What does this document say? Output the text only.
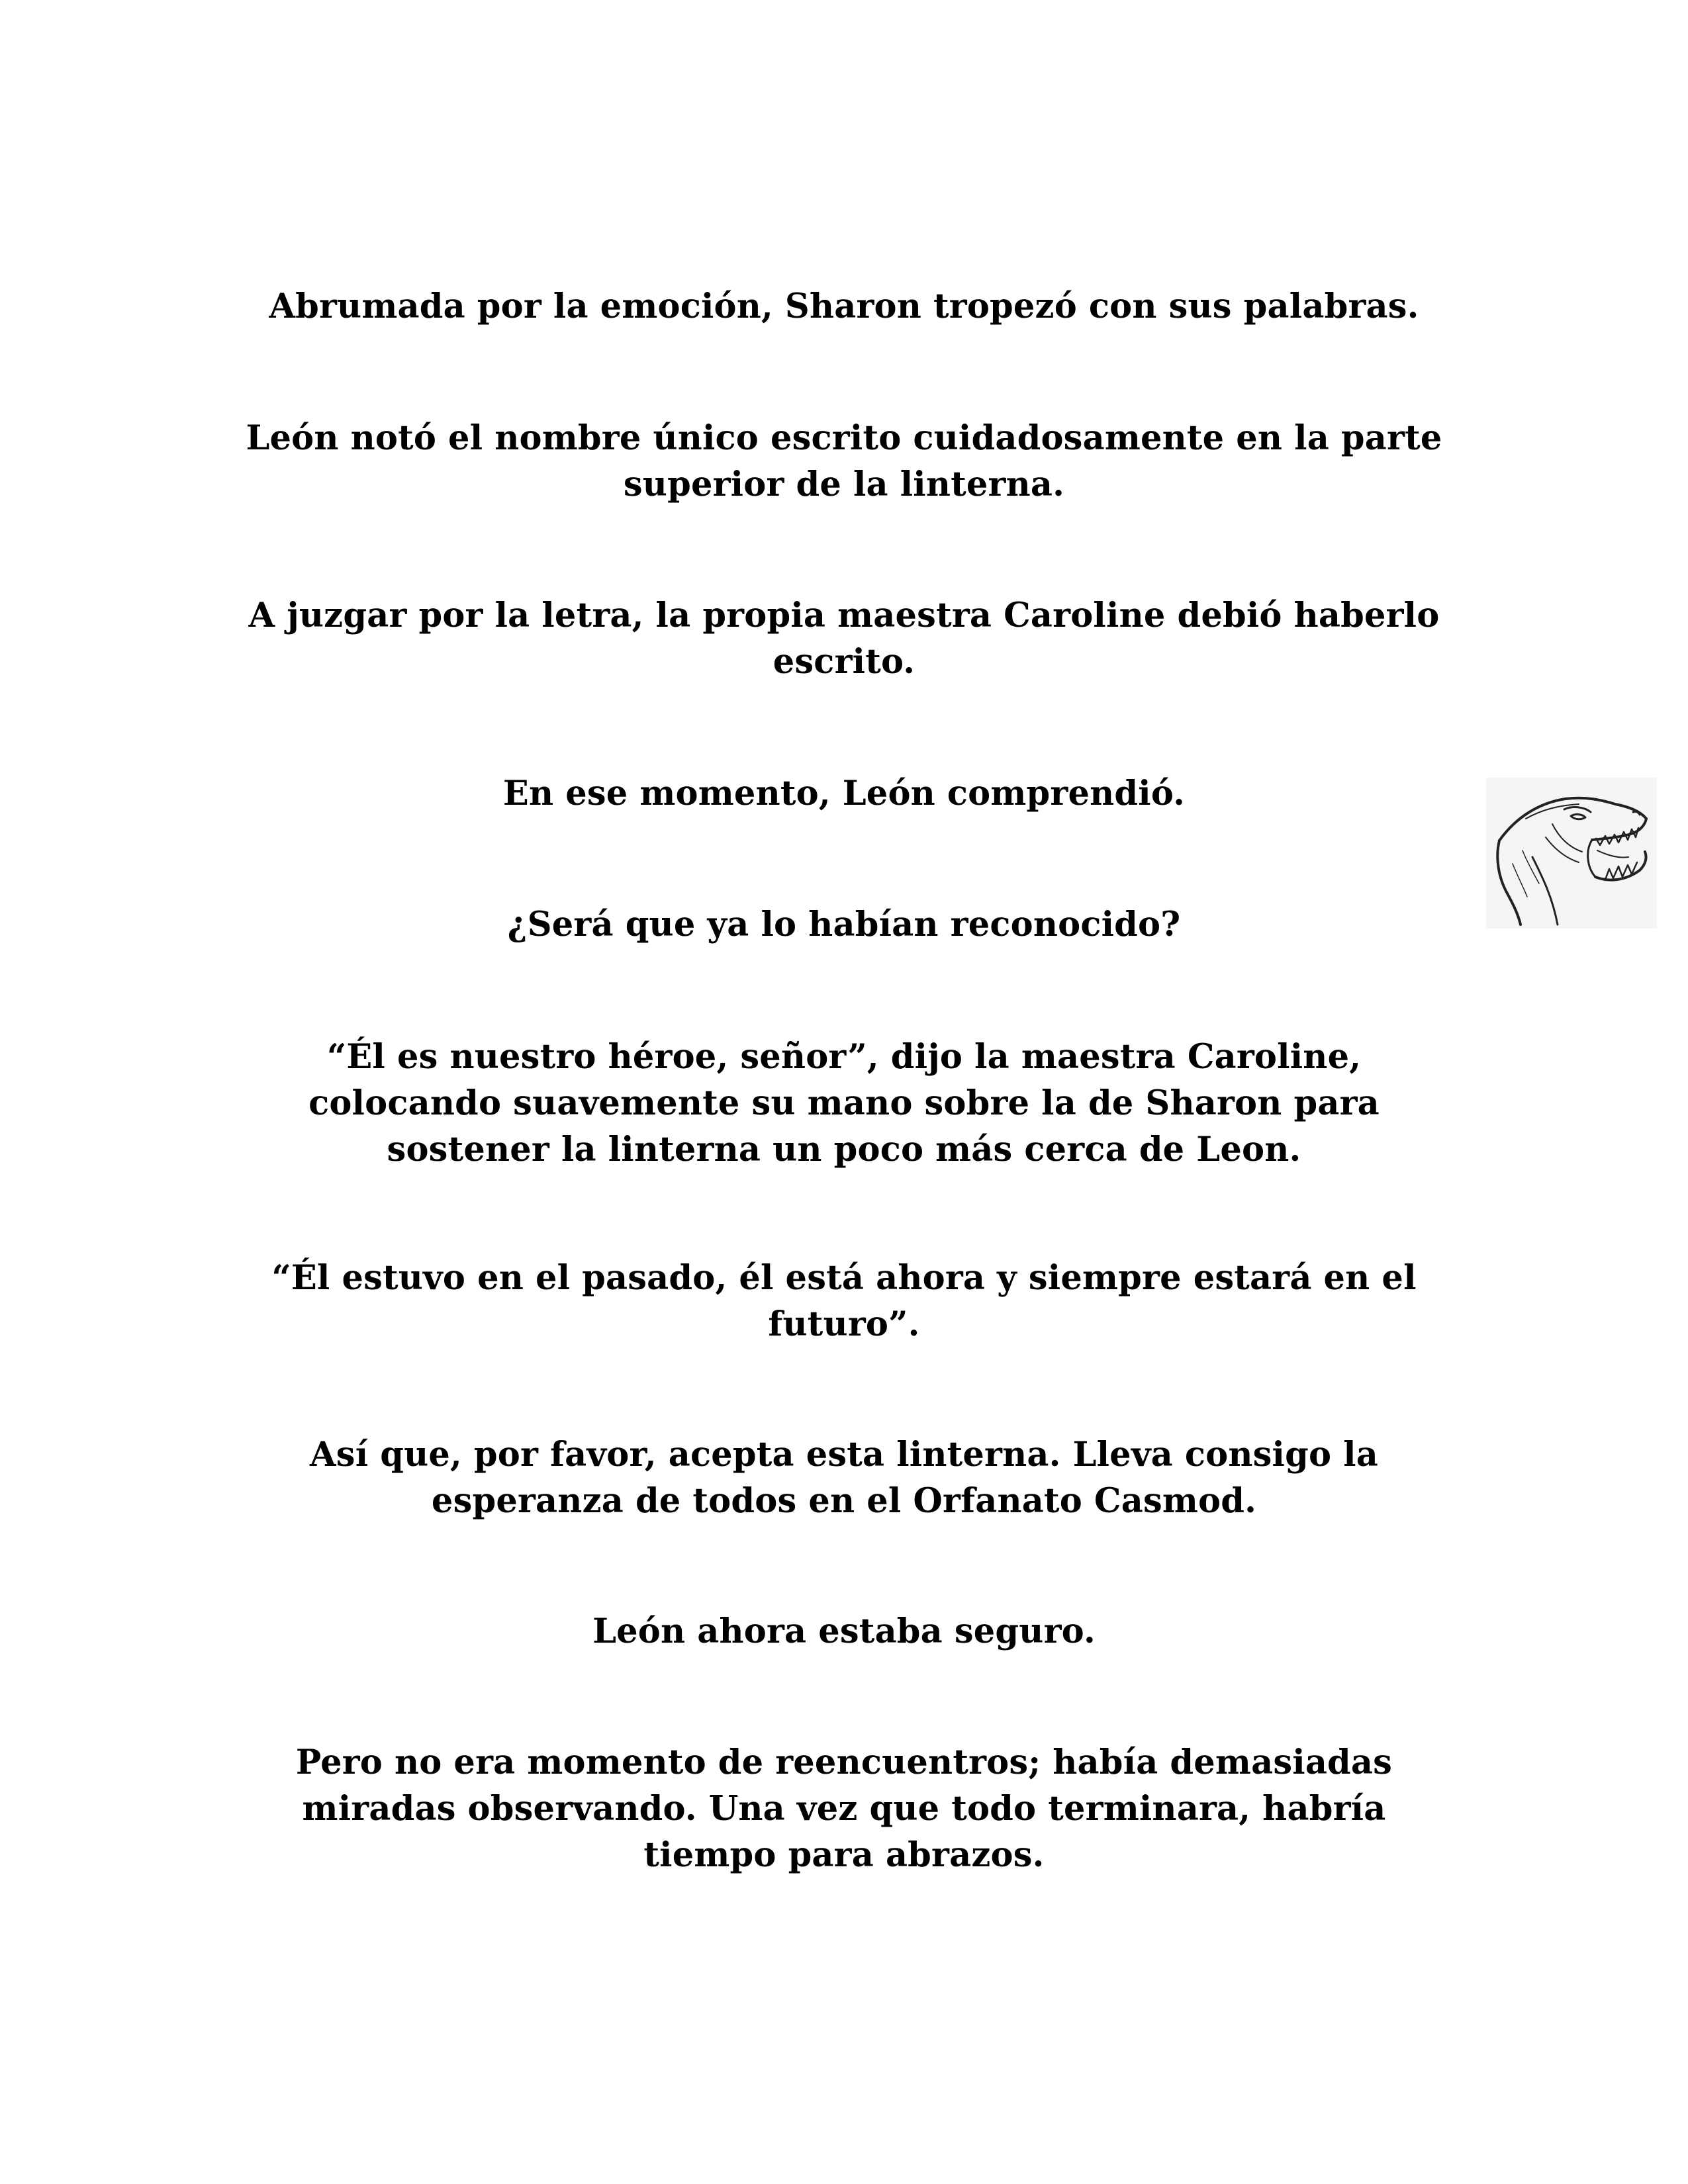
Abrumada por la emoción, Sharon tropezó con sus palabras.

León notó el nombre único escrito cuidadosamente en la parte
superior de la linterna.

A juzgar por la letra, la propia maestra Caroline debió haberlo
escrito.

En ese momento, León comprendió.

¿Será que ya lo habían reconocido?

“Él es nuestro héroe, señor”, dijo la maestra Caroline,
colocando suavemente su mano sobre la de Sharon para
sostener la linterna un poco más cerca de Leon.

“Él estuvo en el pasado, él está ahora y siempre estará en el
futuro”.

Así que, por favor, acepta esta linterna. Lleva consigo la
esperanza de todos en el Orfanato Casmod.

León ahora estaba seguro.

Pero no era momento de reencuentros; había demasiadas
miradas observando. Una vez que todo terminara, habría
tiempo para abrazos.
